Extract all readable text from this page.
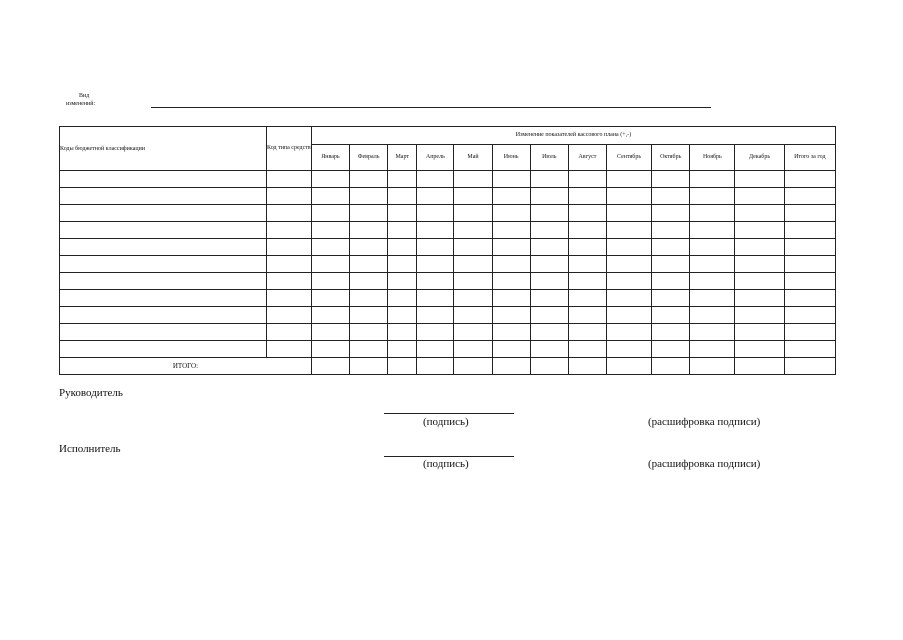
Вид
изменений:
Коды бюджетной классификации	Код типа средств	Изменение показателей кассового плана (+,-)												
		Январь	Февраль	Март	Апрель	Май	Июнь	Июль	Август	Сентябрь	Октябрь	Ноябрь	Декабрь	Итого за год

ИТОГО:														
Руководитель
(подпись)	(расшифровка подписи)
Исполнитель
(подпись)	(расшифровка подписи)
